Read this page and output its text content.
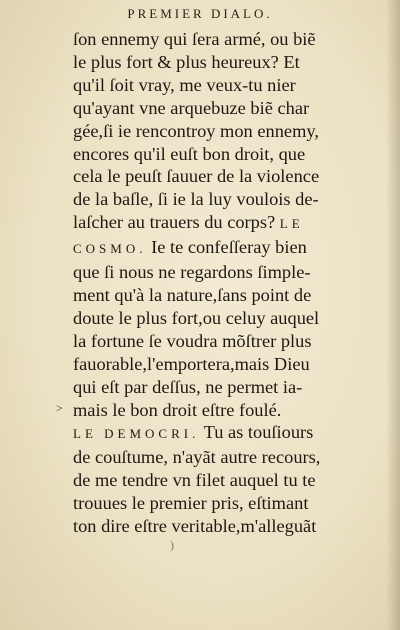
PREMIER DIALO.
>
ſon ennemy qui ſera armé, ou biẽ
le plus fort & plus heureux? Et
qu'il ſoit vray, me veux-tu nier
qu'ayant vne arquebuze biẽ char
gée,ſi ie rencontroy mon ennemy,
encores qu'il euſt bon droit, que
cela le peuſt ſauuer de la violence
de la baſle, ſi ie la luy voulois de-
laſcher au trauers du corps? LE
COSMO. Ie te confeſſeray bien
que ſi nous ne regardons ſimple-
ment qu'à la nature,ſans point de
doute le plus fort,ou celuy auquel
la fortune ſe voudra mõſtrer plus
fauorable,l'emportera,mais Dieu
qui eſt par deſſus, ne permet ia-
mais le bon droit eſtre foulé.
LE DEMOCRI. Tu as touſiours
de couſtume, n'ayãt autre recours,
de me tendre vn filet auquel tu te
trouues le premier pris, eſtimant
ton dire eſtre veritable,m'alleguãt
)
